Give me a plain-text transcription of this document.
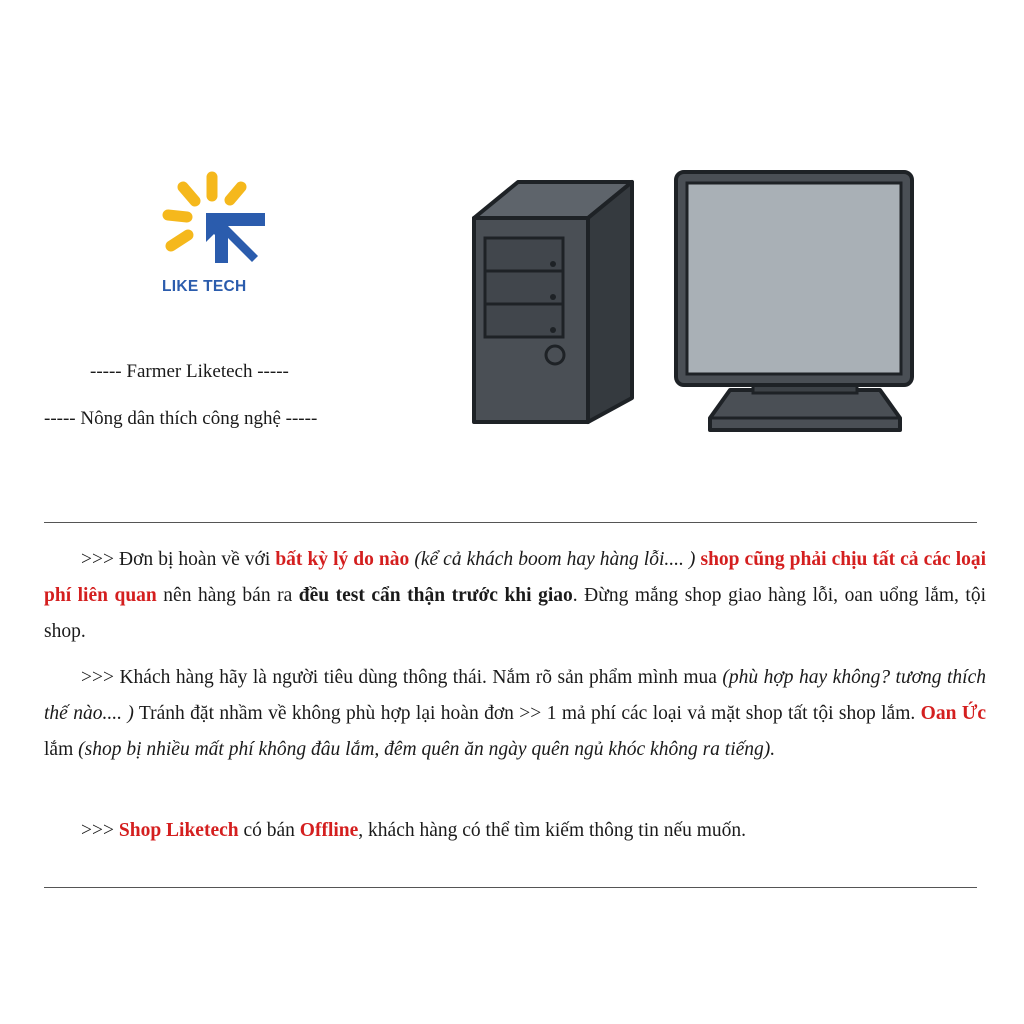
LIKE TECH
----- Farmer Liketech -----
----- Nông dân thích công nghệ -----
>>> Đơn bị hoàn về với bất kỳ lý do nào (kể cả khách boom hay hàng lỗi.... ) shop cũng phải chịu tất cả các loại phí liên quan nên hàng bán ra đều test cẩn thận trước khi giao. Đừng mắng shop giao hàng lỗi, oan uổng lắm, tội shop.
>>> Khách hàng hãy là người tiêu dùng thông thái. Nắm rõ sản phẩm mình mua (phù hợp hay không? tương thích thế nào.... ) Tránh đặt nhầm về không phù hợp lại hoàn đơn >> 1 mả phí các loại vả mặt shop tất tội shop lắm. Oan Ức lắm (shop bị nhiều mất phí không đâu lắm, đêm quên ăn ngày quên ngủ khóc không ra tiếng).
>>> Shop Liketech có bán Offline, khách hàng có thể tìm kiếm thông tin nếu muốn.
